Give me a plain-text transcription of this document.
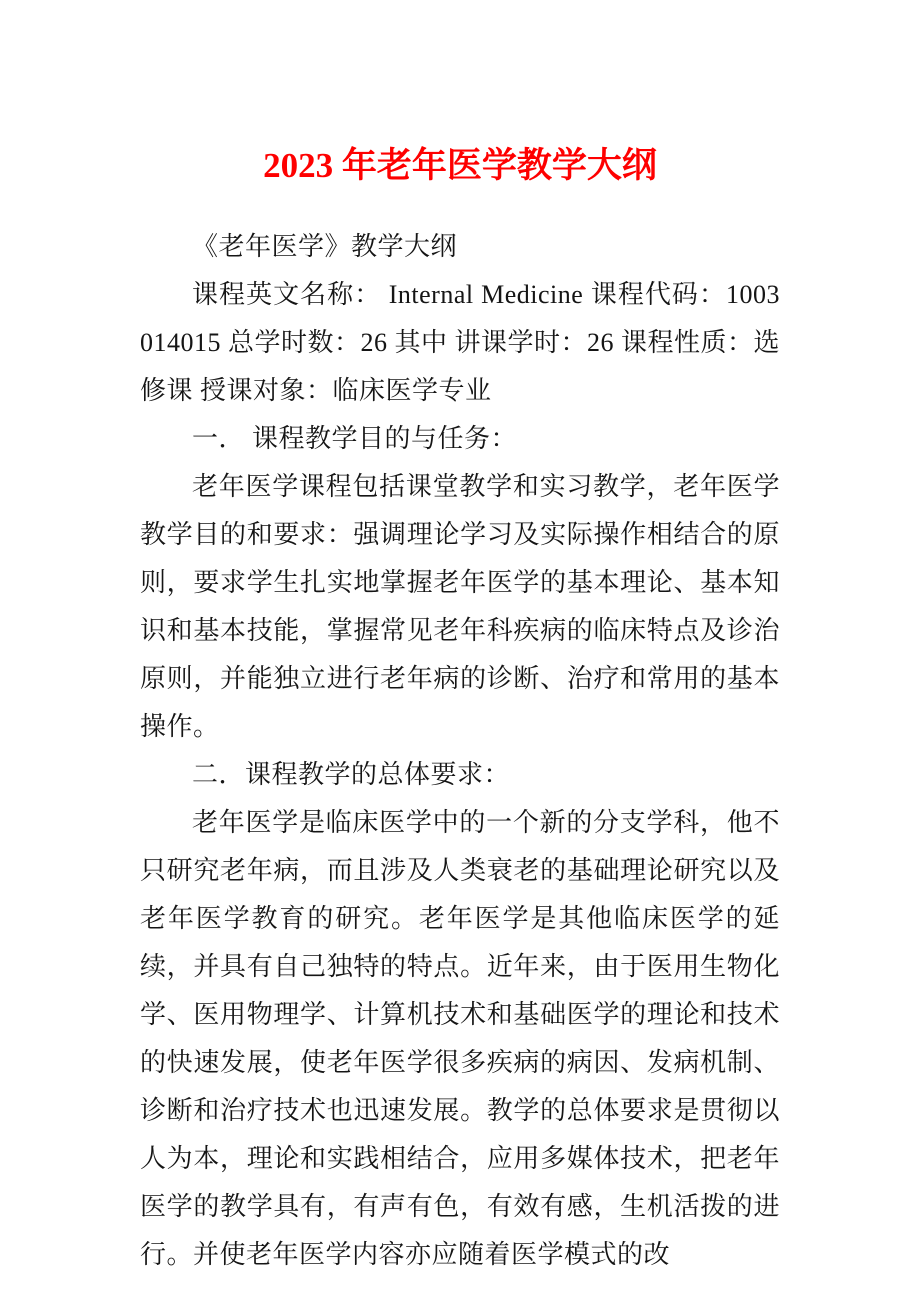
2023 年老年医学教学大纲

《老年医学》教学大纲

课程英文名称： Internal Medicine 课程代码：1003014015 总学时数：26 其中 讲课学时：26 课程性质：选修课 授课对象：临床医学专业

一． 课程教学目的与任务：

老年医学课程包括课堂教学和实习教学，老年医学教学目的和要求：强调理论学习及实际操作相结合的原则，要求学生扎实地掌握老年医学的基本理论、基本知识和基本技能，掌握常见老年科疾病的临床特点及诊治原则，并能独立进行老年病的诊断、治疗和常用的基本操作。

二．课程教学的总体要求：

老年医学是临床医学中的一个新的分支学科，他不只研究老年病，而且涉及人类衰老的基础理论研究以及老年医学教育的研究。老年医学是其他临床医学的延续，并具有自己独特的特点。近年来，由于医用生物化学、医用物理学、计算机技术和基础医学的理论和技术的快速发展，使老年医学很多疾病的病因、发病机制、诊断和治疗技术也迅速发展。教学的总体要求是贯彻以人为本，理论和实践相结合，应用多媒体技术，把老年医学的教学具有，有声有色，有效有感，生机活拨的进行。并使老年医学内容亦应随着医学模式的改
